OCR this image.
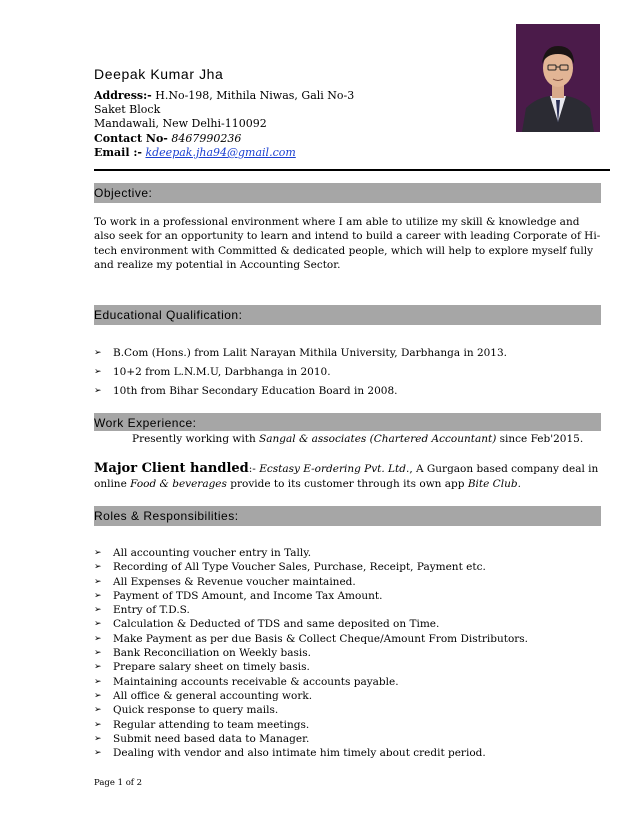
Deepak Kumar Jha
Address:- H.No-198, Mithila Niwas, Gali No-3
Saket Block
Mandawali, New Delhi-110092
Contact No- 8467990236
Email :- kdeepak.jha94@gmail.com
Objective:
To work in a professional environment where I am able to utilize my skill & knowledge and also seek for an opportunity to learn and intend to build a career with leading Corporate of Hi-tech environment with Committed & dedicated people, which will help to explore myself fully and realize my potential in Accounting Sector.
Educational Qualification:
➢ B.Com (Hons.) from Lalit Narayan Mithila University, Darbhanga in 2013.
➢ 10+2 from L.N.M.U, Darbhanga in 2010.
➢ 10th from Bihar Secondary Education Board in 2008.
Work Experience:
Presently working with Sangal & associates (Chartered Accountant) since Feb'2015.
Major Client handled:- Ecstasy E-ordering Pvt. Ltd., A Gurgaon based company deal in online Food & beverages provide to its customer through its own app Bite Club.
Roles & Responsibilities:
➢ All accounting voucher entry in Tally.
➢ Recording of All Type Voucher Sales, Purchase, Receipt, Payment etc.
➢ All Expenses & Revenue voucher maintained.
➢ Payment of TDS Amount, and Income Tax Amount.
➢ Entry of T.D.S.
➢ Calculation & Deducted of TDS and same deposited on Time.
➢ Make Payment as per due Basis & Collect Cheque/Amount From Distributors.
➢ Bank Reconciliation on Weekly basis.
➢ Prepare salary sheet on timely basis.
➢ Maintaining accounts receivable & accounts payable.
➢ All office & general accounting work.
➢ Quick response to query mails.
➢ Regular attending to team meetings.
➢ Submit need based data to Manager.
➢ Dealing with vendor and also intimate him timely about credit period.
Page 1 of 2
